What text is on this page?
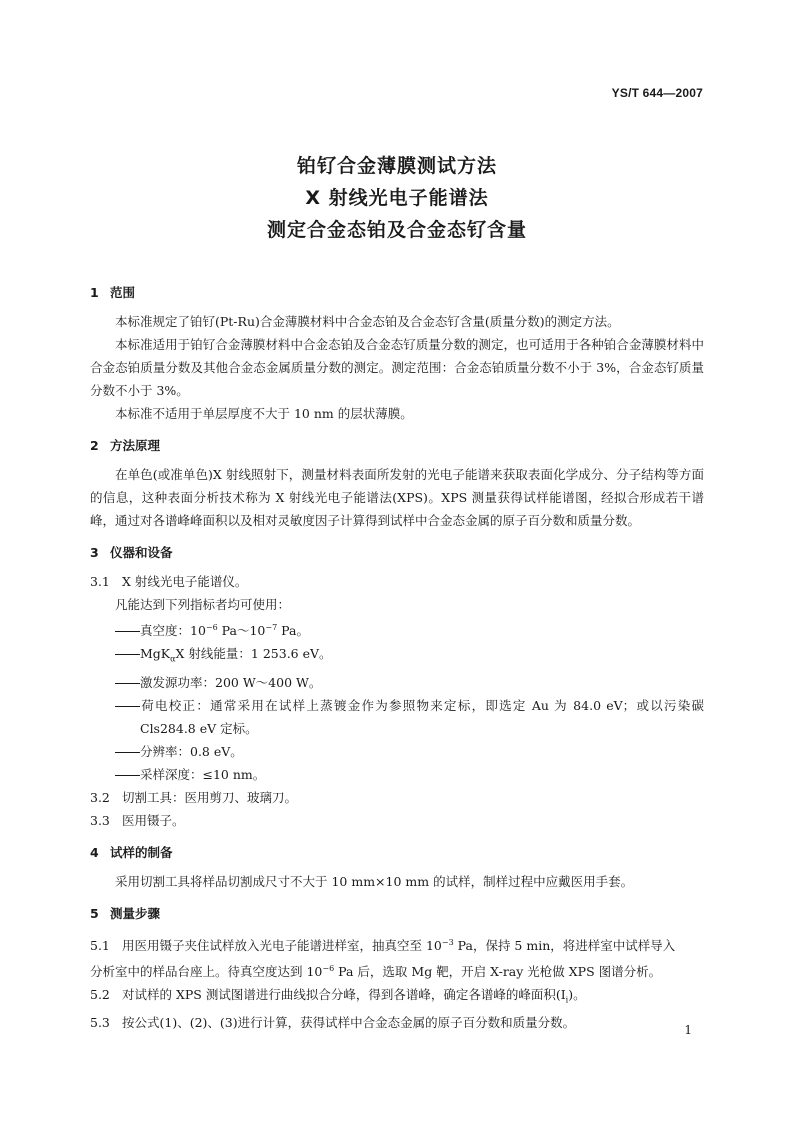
YS/T 644—2007
铂钌合金薄膜测试方法
X 射线光电子能谱法
测定合金态铂及合金态钌含量
1 范围
本标准规定了铂钌(Pt-Ru)合金薄膜材料中合金态铂及合金态钌含量(质量分数)的测定方法。
本标准适用于铂钌合金薄膜材料中合金态铂及合金态钌质量分数的测定，也可适用于各种铂合金薄膜材料中合金态铂质量分数及其他合金态金属质量分数的测定。测定范围：合金态铂质量分数不小于 3%，合金态钌质量分数不小于 3%。
本标准不适用于单层厚度不大于 10 nm 的层状薄膜。
2 方法原理
在单色(或准单色)X 射线照射下，测量材料表面所发射的光电子能谱来获取表面化学成分、分子结构等方面的信息，这种表面分析技术称为 X 射线光电子能谱法(XPS)。XPS 测量获得试样能谱图，经拟合形成若干谱峰，通过对各谱峰峰面积以及相对灵敏度因子计算得到试样中合金态金属的原子百分数和质量分数。
3 仪器和设备
3.1 X 射线光电子能谱仪。
凡能达到下列指标者均可使用：
真空度：$10^{-6}$ $Pa\sim 10^{-7}$ Pa。
MgK$_\alpha$X 射线能量：1 253.6 eV。
激发源功率：200 W～400 W。
荷电校正：通常采用在试样上蒸镀金作为参照物来定标，即选定 Au 为 84.0 eV；或以污染碳Cls284.8 eV 定标。
分辨率：0.8 eV。
采样深度：≤10 nm。
3.2 切割工具：医用剪刀、玻璃刀。
3.3 医用镊子。
4 试样的制备
采用切割工具将样品切割成尺寸不大于 10 mm×10 mm 的试样，制样过程中应戴医用手套。
5 测量步骤
5.1 用医用镊子夹住试样放入光电子能谱进样室，抽真空至 $10^{-3}$ Pa，保持 5 min，将进样室中试样导入
分析室中的样品台座上。待真空度达到 $10^{-6}$ Pa 后，选取 Mg 靶，开启 X-ray 光枪做 XPS 图谱分析。
5.2 对试样的 XPS 测试图谱进行曲线拟合分峰，得到各谱峰，确定各谱峰的峰面积$(I_i)$。
5.3 按公式(1)、(2)、(3)进行计算，获得试样中合金态金属的原子百分数和质量分数。	1
